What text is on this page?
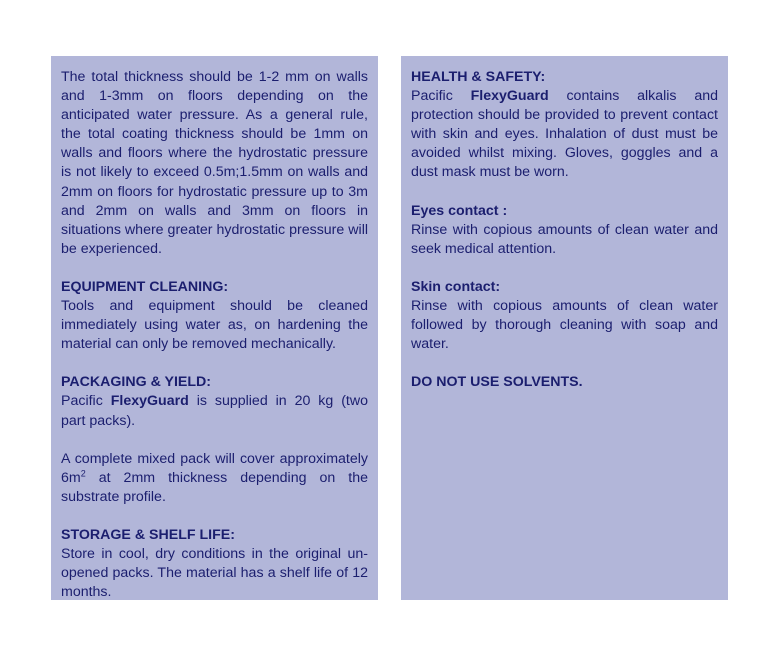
The total thickness should be 1-2 mm on walls and 1-3mm on floors depending on the anticipated water pressure. As a general rule, the total coating thickness should be 1mm on walls and floors where the hydrostatic pressure is not likely to exceed 0.5m;1.5mm on walls and 2mm on floors for hydrostatic pressure up to 3m and 2mm on walls and 3mm on floors in situations where greater hydrostatic pressure will be experienced.

EQUIPMENT CLEANING:
Tools and equipment should be cleaned immediately using water as, on hardening the material can only be removed mechanically.
PACKAGING & YIELD:
Pacific FlexyGuard is supplied in 20 kg (two part packs).
A complete mixed pack will cover approximately $6m^2$ at 2mm thickness depending on the substrate profile.
STORAGE & SHELF LIFE:
Store in cool, dry conditions in the original un-opened packs. The material has a shelf life of 12 months.
HEALTH & SAFETY:
Pacific FlexyGuard contains alkalis and protection should be provided to prevent contact with skin and eyes. Inhalation of dust must be avoided whilst mixing. Gloves, goggles and a dust mask must be worn.
Eyes contact :
Rinse with copious amounts of clean water and seek medical attention.
Skin contact:
Rinse with copious amounts of clean water followed by thorough cleaning with soap and water.
DO NOT USE SOLVENTS.
